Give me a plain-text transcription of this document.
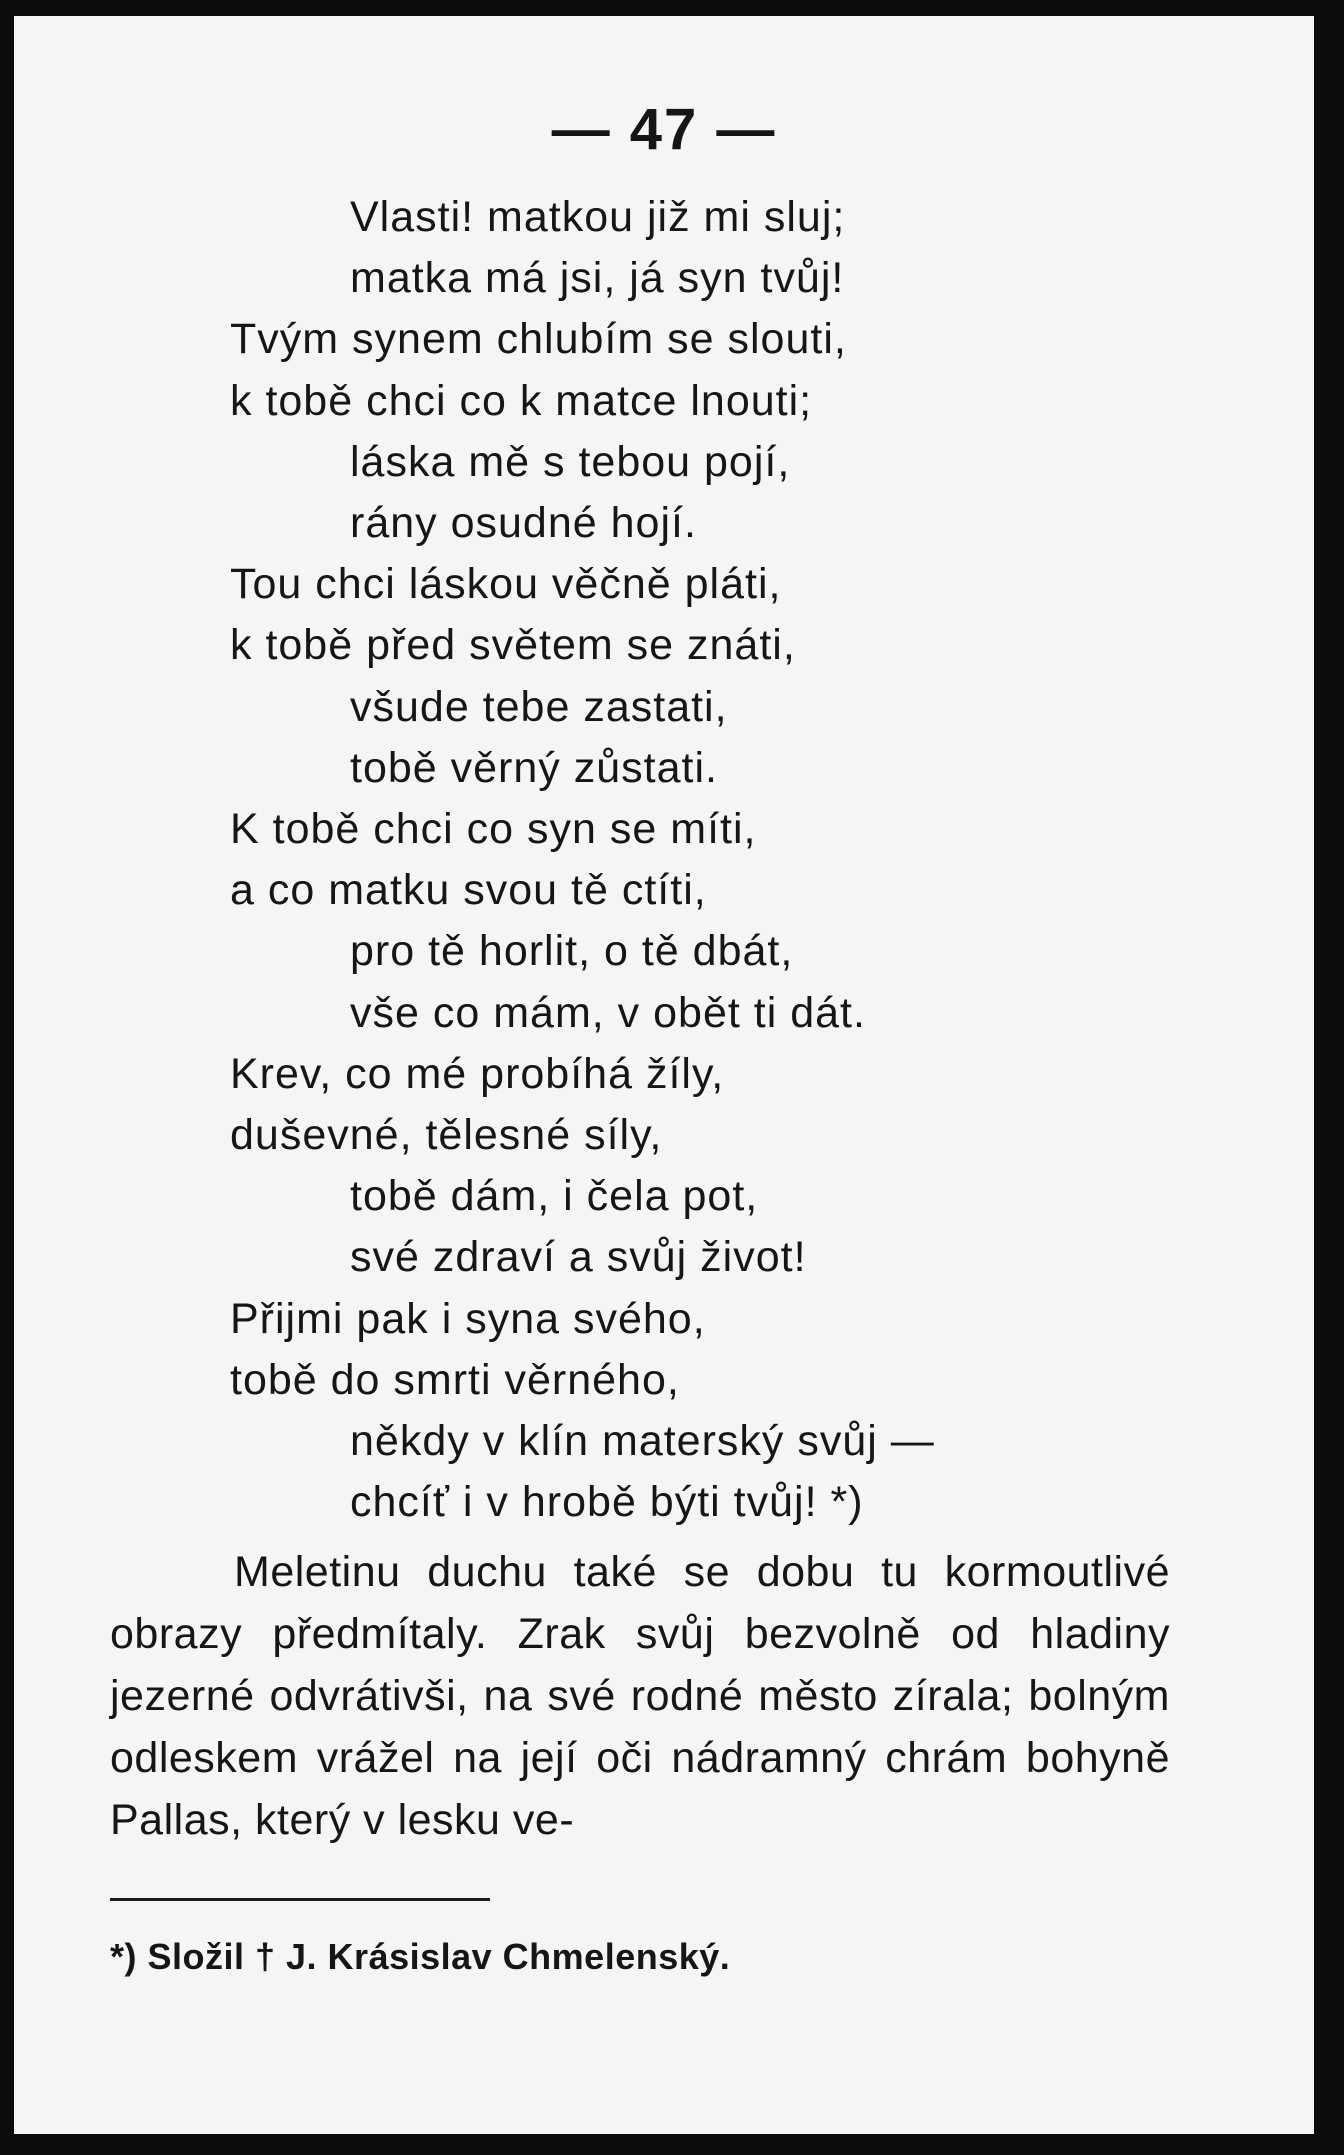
— 47 —
Vlasti! matkou již mi sluj;
matka má jsi, já syn tvůj!
Tvým synem chlubím se slouti,
k tobě chci co k matce lnouti;
láska mě s tebou pojí,
rány osudné hojí.
Tou chci láskou věčně pláti,
k tobě před světem se znáti,
všude tebe zastati,
tobě věrný zůstati.
K tobě chci co syn se míti,
a co matku svou tě ctíti,
pro tě horlit, o tě dbát,
vše co mám, v obět ti dát.
Krev, co mé probíhá žíly,
duševné, tělesné síly,
tobě dám, i čela pot,
své zdraví a svůj život!
Přijmi pak i syna svého,
tobě do smrti věrného,
někdy v klín materský svůj —
chcíť i v hrobě býti tvůj! *)
Meletinu duchu také se dobu tu kormoutlivé obrazy předmítaly. Zrak svůj bezvolně od hladiny jezerné odvrátivši, na své rodné město zírala; bolným odleskem vrážel na její oči nádramný chrám bohyně Pallas, který v lesku ve-
*) Složil † J. Krásislav Chmelenský.
